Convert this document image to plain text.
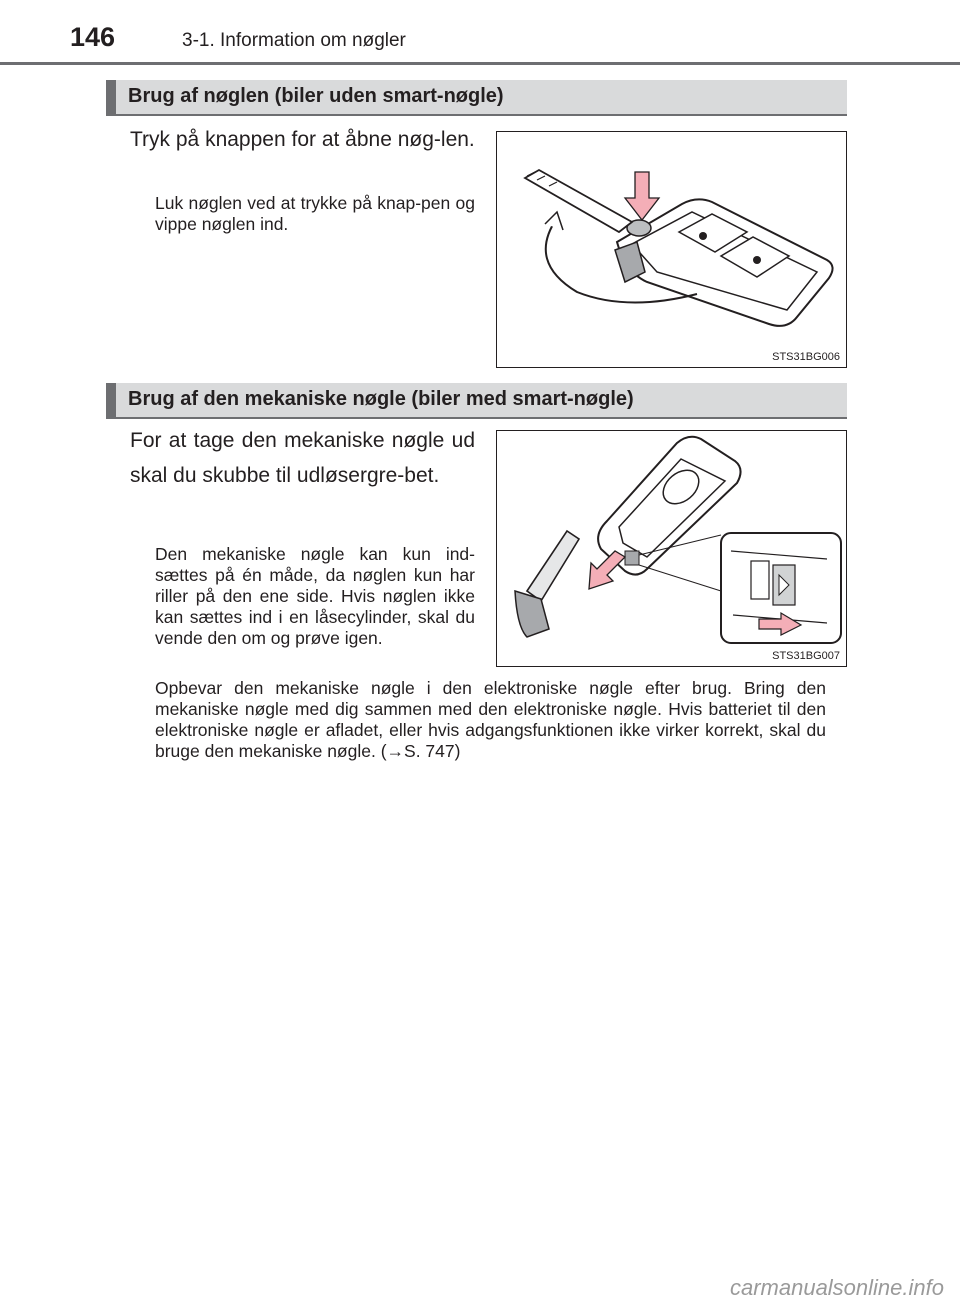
146	3-1. Information om nøgler
Brug af nøglen (biler uden smart-nøgle)
Tryk på knappen for at åbne nøg-len.
Luk nøglen ved at trykke på knap-pen og vippe nøglen ind.
STS31BG006
Brug af den mekaniske nøgle (biler med smart-nøgle)
For at tage den mekaniske nøgle ud skal du skubbe til udløsergre-bet.
Den mekaniske nøgle kan kun ind-sættes på én måde, da nøglen kun har riller på den ene side. Hvis nøglen ikke kan sættes ind i en låsecylinder, skal du vende den om og prøve igen.
STS31BG007
Opbevar den mekaniske nøgle i den elektroniske nøgle efter brug. Bring den mekaniske nøgle med dig sammen med den elektroniske nøgle. Hvis batteriet til den elektroniske nøgle er afladet, eller hvis adgangsfunktionen ikke virker korrekt, skal du bruge den mekaniske nøgle. (→S. 747)
carmanualsonline.info
